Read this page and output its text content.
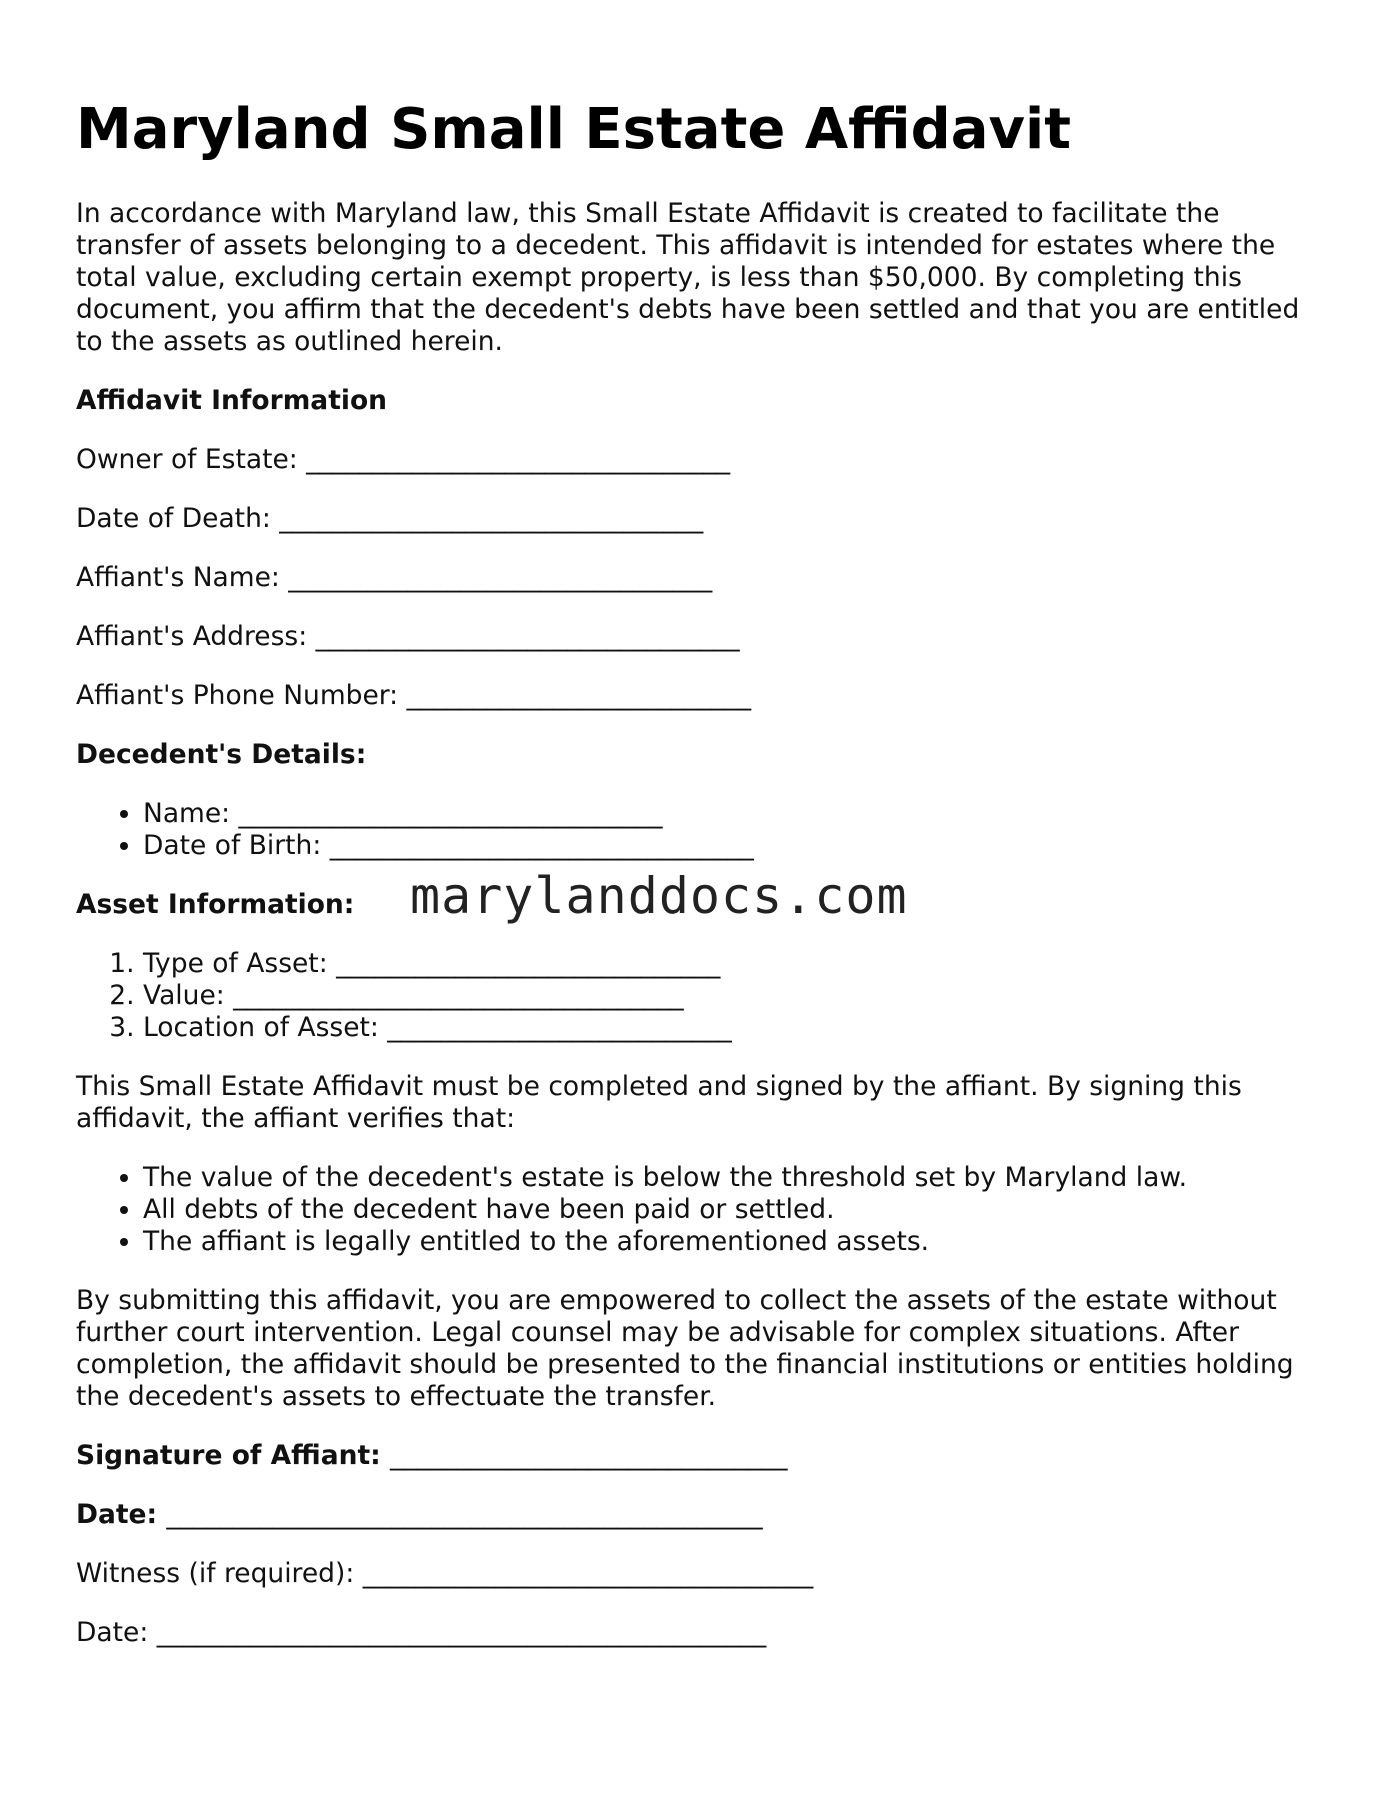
Maryland Small Estate Affidavit

In accordance with Maryland law, this Small Estate Affidavit is created to facilitate the transfer of assets belonging to a decedent. This affidavit is intended for estates where the total value, excluding certain exempt property, is less than $50,000. By completing this document, you affirm that the decedent's debts have been settled and that you are entitled to the assets as outlined herein.

Affidavit Information
Owner of Estate: ________________________________
Date of Death: ________________________________
Affiant's Name: ________________________________
Affiant's Address: ________________________________
Affiant's Phone Number: __________________________
Decedent's Details:
• Name: ________________________________
• Date of Birth: ________________________________
Asset Information:
1. Type of Asset: _____________________________
2. Value: __________________________________
3. Location of Asset: __________________________

This Small Estate Affidavit must be completed and signed by the affiant. By signing this affidavit, the affiant verifies that:

• The value of the decedent's estate is below the threshold set by Maryland law.
• All debts of the decedent have been paid or settled.
• The affiant is legally entitled to the aforementioned assets.

By submitting this affidavit, you are empowered to collect the assets of the estate without further court intervention. Legal counsel may be advisable for complex situations. After completion, the affidavit should be presented to the financial institutions or entities holding the decedent's assets to effectuate the transfer.

Signature of Affiant: ______________________________
Date: _____________________________________________
Witness (if required): __________________________________
Date: ______________________________________________
marylanddocs.com
